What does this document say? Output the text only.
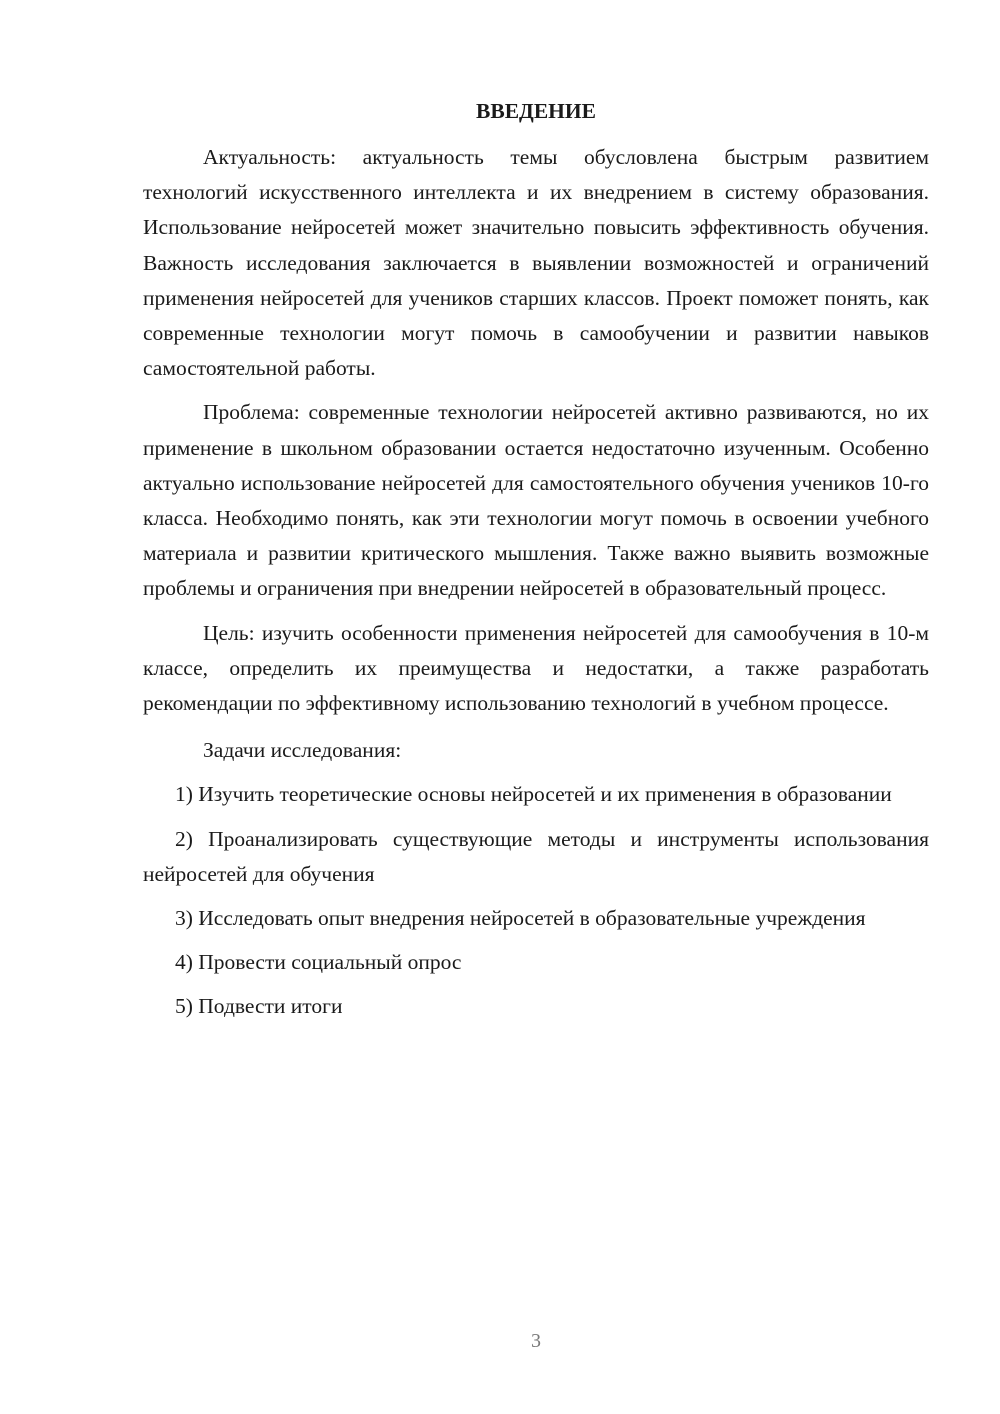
ВВЕДЕНИЕ

Актуальность: актуальность темы обусловлена быстрым развитием технологий искусственного интеллекта и их внедрением в систему образования. Использование нейросетей может значительно повысить эффективность обучения. Важность исследования заключается в выявлении возможностей и ограничений применения нейросетей для учеников старших классов. Проект поможет понять, как современные технологии могут помочь в самообучении и развитии навыков самостоятельной работы.

Проблема: современные технологии нейросетей активно развиваются, но их применение в школьном образовании остается недостаточно изученным. Особенно актуально использование нейросетей для самостоятельного обучения учеников 10-го класса. Необходимо понять, как эти технологии могут помочь в освоении учебного материала и развитии критического мышления. Также важно выявить возможные проблемы и ограничения при внедрении нейросетей в образовательный процесс.

Цель: изучить особенности применения нейросетей для самообучения в 10-м классе, определить их преимущества и недостатки, а также разработать рекомендации по эффективному использованию технологий в учебном процессе.

Задачи исследования:

1) Изучить теоретические основы нейросетей и их применения в образовании

2) Проанализировать существующие методы и инструменты использования нейросетей для обучения

3) Исследовать опыт внедрения нейросетей в образовательные учреждения

4) Провести социальный опрос

5) Подвести итоги

3
